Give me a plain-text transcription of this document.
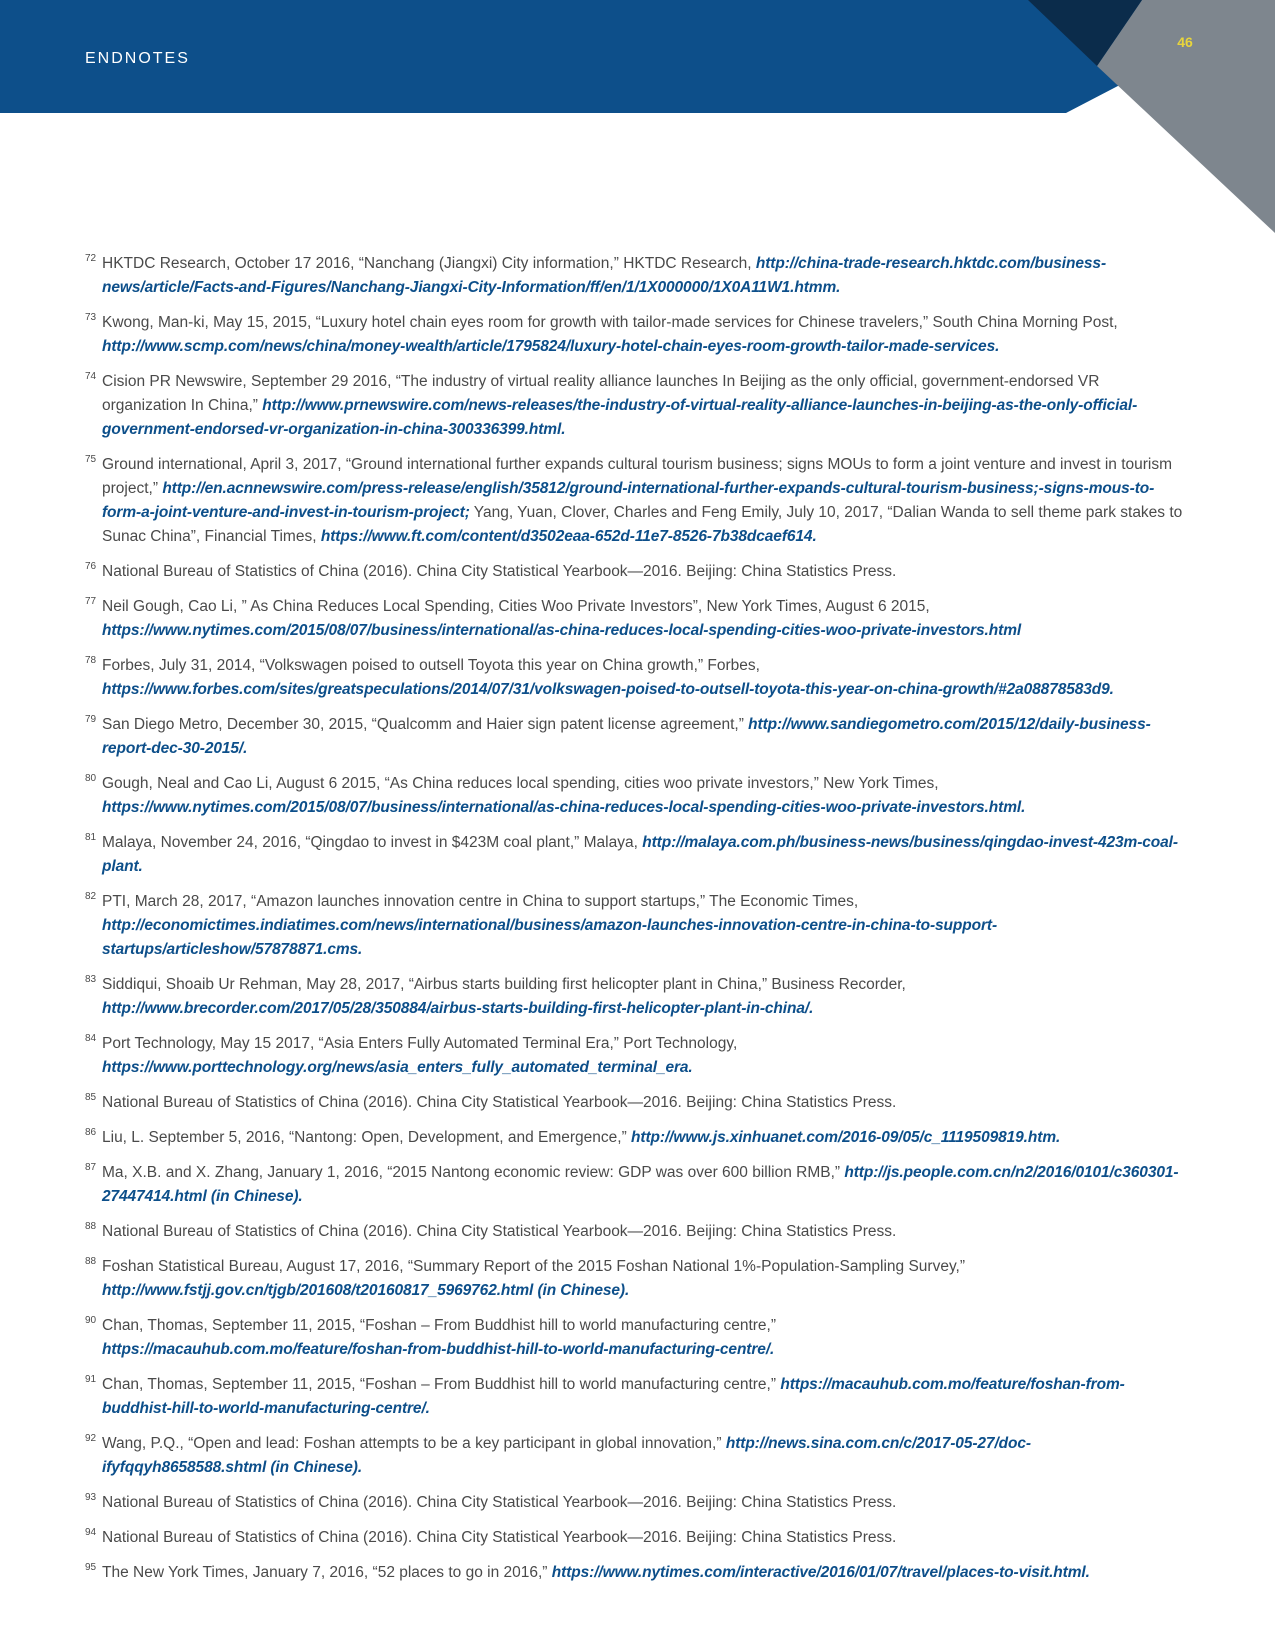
ENDNOTES
46
72 HKTDC Research, October 17 2016, “Nanchang (Jiangxi) City information,” HKTDC Research, http://china-trade-research.hktdc.com/business-news/article/Facts-and-Figures/Nanchang-Jiangxi-City-Information/ff/en/1/1X000000/1X0A11W1.htmm.
73 Kwong, Man-ki, May 15, 2015, “Luxury hotel chain eyes room for growth with tailor-made services for Chinese travelers,” South China Morning Post, http://www.scmp.com/news/china/money-wealth/article/1795824/luxury-hotel-chain-eyes-room-growth-tailor-made-services.
74 Cision PR Newswire, September 29 2016, “The industry of virtual reality alliance launches In Beijing as the only official, government-endorsed VR organization In China,” http://www.prnewswire.com/news-releases/the-industry-of-virtual-reality-alliance-launches-in-beijing-as-the-only-official-government-endorsed-vr-organization-in-china-300336399.html.
75 Ground international, April 3, 2017, “Ground international further expands cultural tourism business; signs MOUs to form a joint venture and invest in tourism project,” http://en.acnnewswire.com/press-release/english/35812/ground-international-further-expands-cultural-tourism-business;-signs-mous-to-form-a-joint-venture-and-invest-in-tourism-project; Yang, Yuan, Clover, Charles and Feng Emily, July 10, 2017, “Dalian Wanda to sell theme park stakes to Sunac China”, Financial Times, https://www.ft.com/content/d3502eaa-652d-11e7-8526-7b38dcaef614.
76 National Bureau of Statistics of China (2016). China City Statistical Yearbook—2016. Beijing: China Statistics Press.
77 Neil Gough, Cao Li, ” As China Reduces Local Spending, Cities Woo Private Investors”, New York Times, August 6 2015, https://www.nytimes.com/2015/08/07/business/international/as-china-reduces-local-spending-cities-woo-private-investors.html
78 Forbes, July 31, 2014, “Volkswagen poised to outsell Toyota this year on China growth,” Forbes, https://www.forbes.com/sites/greatspeculations/2014/07/31/volkswagen-poised-to-outsell-toyota-this-year-on-china-growth/#2a08878583d9.
79 San Diego Metro, December 30, 2015, “Qualcomm and Haier sign patent license agreement,” http://www.sandiegometro.com/2015/12/daily-business-report-dec-30-2015/.
80 Gough, Neal and Cao Li, August 6 2015, “As China reduces local spending, cities woo private investors,” New York Times, https://www.nytimes.com/2015/08/07/business/international/as-china-reduces-local-spending-cities-woo-private-investors.html.
81 Malaya, November 24, 2016, “Qingdao to invest in $423M coal plant,” Malaya, http://malaya.com.ph/business-news/business/qingdao-invest-423m-coal-plant.
82 PTI, March 28, 2017, “Amazon launches innovation centre in China to support startups,” The Economic Times, http://economictimes.indiatimes.com/news/international/business/amazon-launches-innovation-centre-in-china-to-support-startups/articleshow/57878871.cms.
83 Siddiqui, Shoaib Ur Rehman, May 28, 2017, “Airbus starts building first helicopter plant in China,” Business Recorder, http://www.brecorder.com/2017/05/28/350884/airbus-starts-building-first-helicopter-plant-in-china/.
84 Port Technology, May 15 2017, “Asia Enters Fully Automated Terminal Era,” Port Technology, https://www.porttechnology.org/news/asia_enters_fully_automated_terminal_era.
85 National Bureau of Statistics of China (2016). China City Statistical Yearbook—2016. Beijing: China Statistics Press.
86 Liu, L. September 5, 2016, “Nantong: Open, Development, and Emergence,” http://www.js.xinhuanet.com/2016-09/05/c_1119509819.htm.
87 Ma, X.B. and X. Zhang, January 1, 2016, “2015 Nantong economic review: GDP was over 600 billion RMB,” http://js.people.com.cn/n2/2016/0101/c360301-27447414.html (in Chinese).
88 National Bureau of Statistics of China (2016). China City Statistical Yearbook—2016. Beijing: China Statistics Press.
88 Foshan Statistical Bureau, August 17, 2016, “Summary Report of the 2015 Foshan National 1%-Population-Sampling Survey,” http://www.fstjj.gov.cn/tjgb/201608/t20160817_5969762.html (in Chinese).
90 Chan, Thomas, September 11, 2015, “Foshan – From Buddhist hill to world manufacturing centre,”
https://macauhub.com.mo/feature/foshan-from-buddhist-hill-to-world-manufacturing-centre/.
91 Chan, Thomas, September 11, 2015, “Foshan – From Buddhist hill to world manufacturing centre,” https://macauhub.com.mo/feature/foshan-from-buddhist-hill-to-world-manufacturing-centre/.
92 Wang, P.Q., “Open and lead: Foshan attempts to be a key participant in global innovation,” http://news.sina.com.cn/c/2017-05-27/doc-ifyfqqyh8658588.shtml (in Chinese).
93 National Bureau of Statistics of China (2016). China City Statistical Yearbook—2016. Beijing: China Statistics Press.
94 National Bureau of Statistics of China (2016). China City Statistical Yearbook—2016. Beijing: China Statistics Press.
95 The New York Times, January 7, 2016, “52 places to go in 2016,” https://www.nytimes.com/interactive/2016/01/07/travel/places-to-visit.html.
